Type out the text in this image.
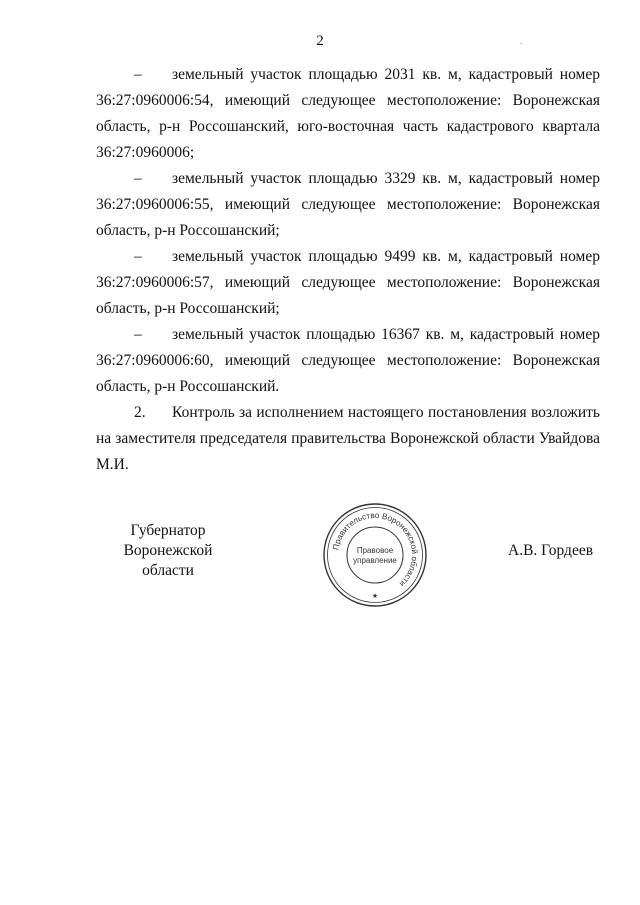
2	.

– земельный участок площадью 2031 кв. м, кадастровый номер 36:27:0960006:54, имеющий следующее местоположение: Воронежская область, р-н Россошанский, юго-восточная часть кадастрового квартала 36:27:0960006;

– земельный участок площадью 3329 кв. м, кадастровый номер 36:27:0960006:55, имеющий следующее местоположение: Воронежская область, р-н Россошанский;

– земельный участок площадью 9499 кв. м, кадастровый номер 36:27:0960006:57, имеющий следующее местоположение: Воронежская область, р-н Россошанский;

– земельный участок площадью 16367 кв. м, кадастровый номер 36:27:0960006:60, имеющий следующее местоположение: Воронежская область, р-н Россошанский.

2. Контроль за исполнением настоящего постановления возложить на заместителя председателя правительства Воронежской области Увайдова М.И.

Губернатор
Воронежской области
А.В. Гордеев
Правительство Воронежской области
Правовое
управление
★
